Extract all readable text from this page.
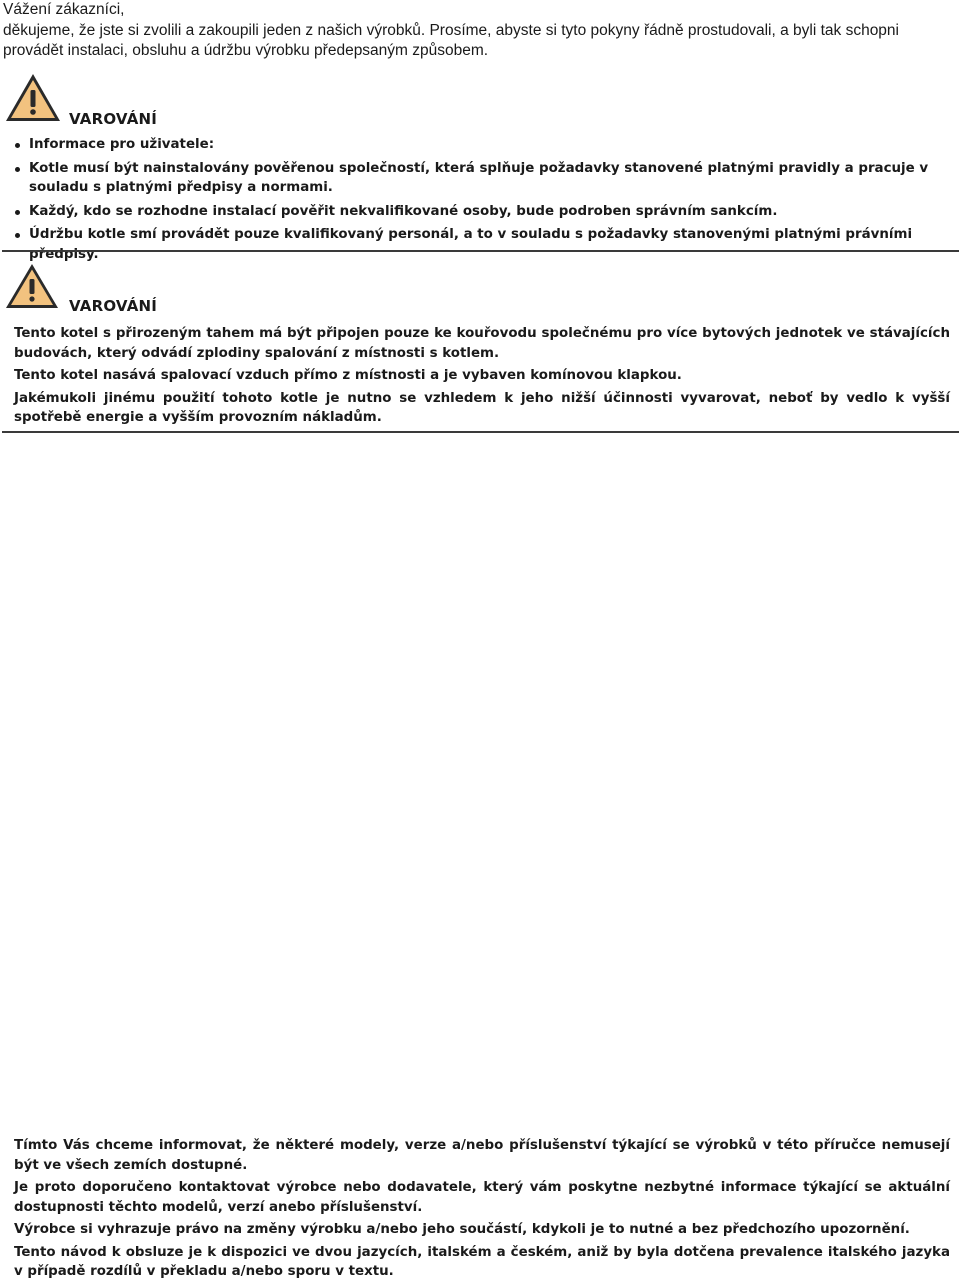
Vážení zákazníci,

děkujeme, že jste si zvolili a zakoupili jeden z našich výrobků. Prosíme, abyste si tyto pokyny řádně prostudovali, a byli tak schopni provádět instalaci, obsluhu a údržbu výrobku předepsaným způsobem.

VAROVÁNÍ
Informace pro uživatele:
Kotle musí být nainstalovány pověřenou společností, která splňuje požadavky stanovené platnými pravidly a pracuje v souladu s platnými předpisy a normami.
Každý, kdo se rozhodne instalací pověřit nekvalifikované osoby, bude podroben správním sankcím.
Údržbu kotle smí provádět pouze kvalifikovaný personál, a to v souladu s požadavky stanovenými platnými právními předpisy.
VAROVÁNÍ

Tento kotel s přirozeným tahem má být připojen pouze ke kouřovodu společnému pro více bytových jednotek ve stávajících budovách, který odvádí zplodiny spalování z místnosti s kotlem.

Tento kotel nasává spalovací vzduch přímo z místnosti a je vybaven komínovou klapkou.

Jakémukoli jinému použití tohoto kotle je nutno se vzhledem k jeho nižší účinnosti vyvarovat, neboť by vedlo k vyšší spotřebě energie a vyšším provozním nákladům.

Tímto Vás chceme informovat, že některé modely, verze a/nebo příslušenství týkající se výrobků v této příručce nemusejí být ve všech zemích dostupné.

Je proto doporučeno kontaktovat výrobce nebo dodavatele, který vám poskytne nezbytné informace týkající se aktuální dostupnosti těchto modelů, verzí anebo příslušenství.

Výrobce si vyhrazuje právo na změny výrobku a/nebo jeho součástí, kdykoli je to nutné a bez předchozího upozornění.

Tento návod k obsluze je k dispozici ve dvou jazycích, italském a českém, aniž by byla dotčena prevalence italského jazyka v případě rozdílů v překladu a/nebo sporu v textu.
